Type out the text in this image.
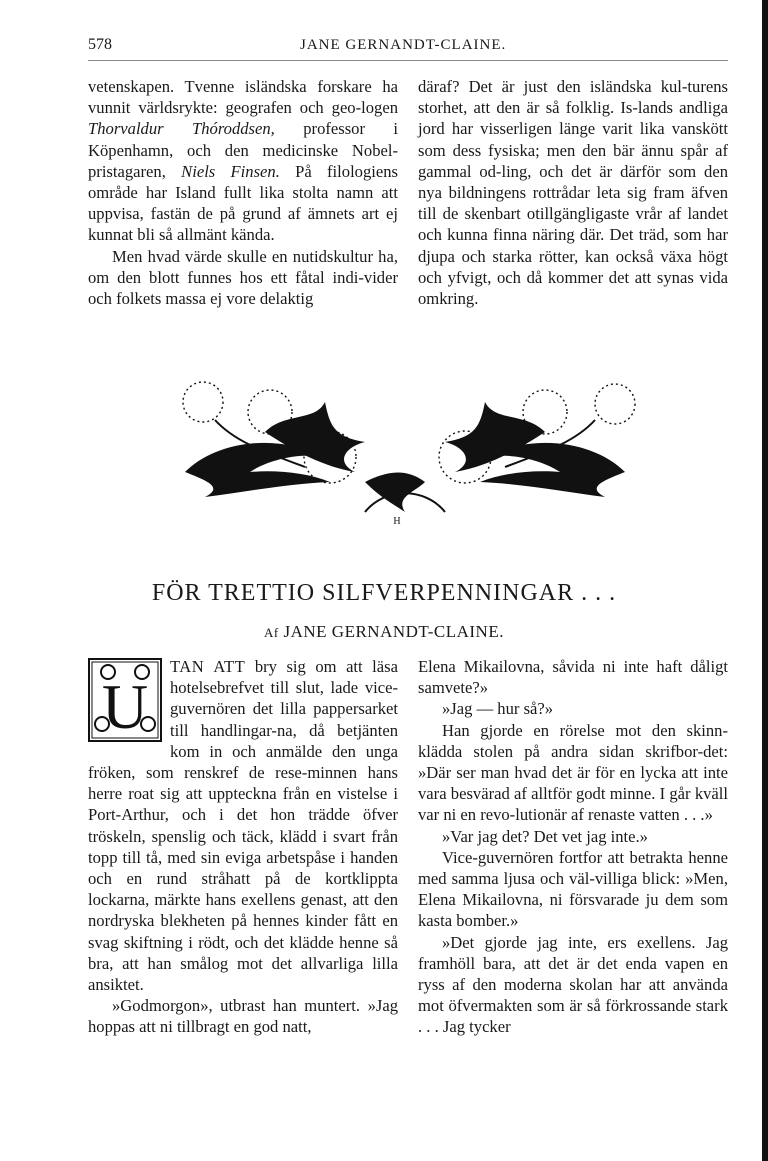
578	JANE GERNANDT-CLAINE.

vetenskapen. Tvenne isländska forskare ha vunnit världsrykte: geografen och geo-logen Thorvaldur Thóroddsen, professor i Köpenhamn, och den medicinske Nobel-pristagaren, Niels Finsen. På filologiens område har Island fullt lika stolta namn att uppvisa, fastän de på grund af ämnets art ej kunnat bli så allmänt kända.

Men hvad värde skulle en nutidskultur ha, om den blott funnes hos ett fåtal indi-vider och folkets massa ej vore delaktig

däraf? Det är just den isländska kul-turens storhet, att den är så folklig. Is-lands andliga jord har visserligen länge varit lika vanskött som dess fysiska; men den bär ännu spår af gammal od-ling, och det är därför som den nya bildningens rottrådar leta sig fram äfven till de skenbart otillgängligaste vrår af landet och kunna finna näring där. Det träd, som har djupa och starka rötter, kan också växa högt och yfvigt, och då kommer det att synas vida omkring.

H
FÖR TRETTIO SILFVERPENNINGAR . . .
Af JANE GERNANDT-CLAINE.

U
TAN ATT bry sig om att läsa hotelsebrefvet till slut, lade vice-guvernören det lilla pappersarket till handlingar-na, då betjänten kom in och anmälde den unga fröken, som renskref de rese-minnen hans herre roat sig att uppteckna från en vistelse i Port-Arthur, och i det hon trädde öfver tröskeln, spenslig och täck, klädd i svart från topp till tå, med sin eviga arbetspåse i handen och en rund stråhatt på de kortklippta lockarna, märkte hans exellens genast, att den nordryska blekheten på hennes kinder fått en svag skiftning i rödt, och det klädde henne så bra, att han smålog mot det allvarliga lilla ansiktet.

»Godmorgon», utbrast han muntert. »Jag hoppas att ni tillbragt en god natt,

Elena Mikailovna, såvida ni inte haft dåligt samvete?»

»Jag — hur så?»

Han gjorde en rörelse mot den skinn-klädda stolen på andra sidan skrifbor-det: »Där ser man hvad det är för en lycka att inte vara besvärad af alltför godt minne. I går kväll var ni en revo-lutionär af renaste vatten . . .»

»Var jag det? Det vet jag inte.»

Vice-guvernören fortfor att betrakta henne med samma ljusa och väl-villiga blick: »Men, Elena Mikailovna, ni försvarade ju dem som kasta bomber.»

»Det gjorde jag inte, ers exellens. Jag framhöll bara, att det är det enda vapen en ryss af den moderna skolan har att använda mot öfvermakten som är så förkrossande stark . . . Jag tycker
